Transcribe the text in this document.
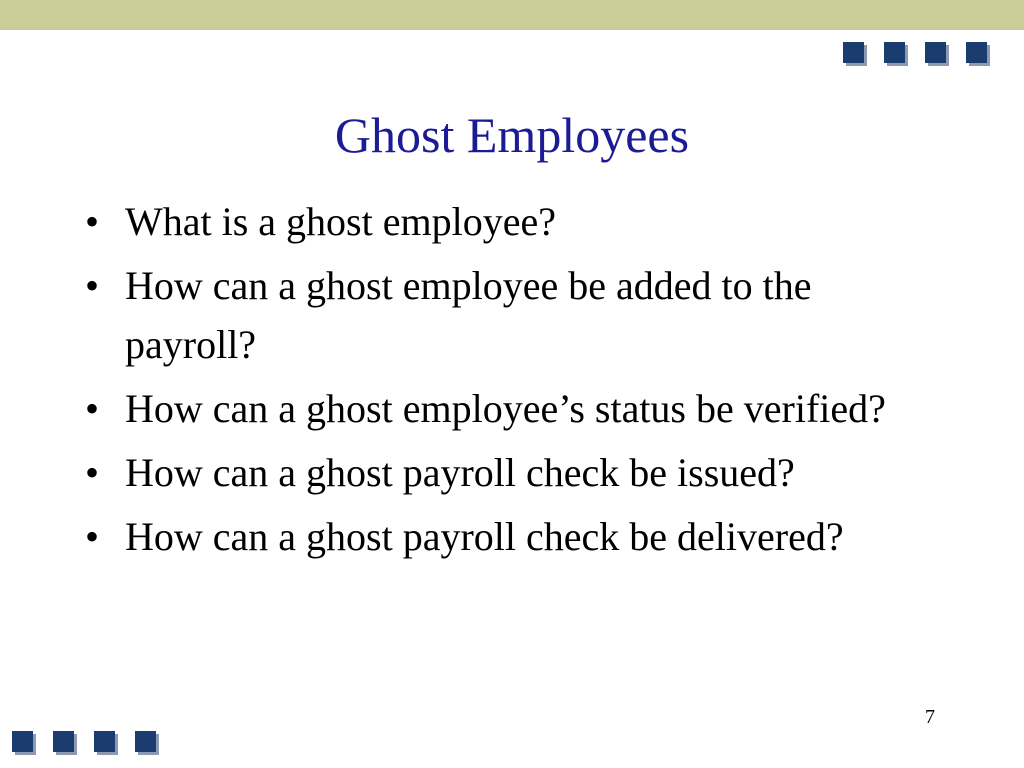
Ghost Employees
• What is a ghost employee?
• How can a ghost employee be added to the payroll?
• How can a ghost employee’s status be verified?
• How can a ghost payroll check be issued?
• How can a ghost payroll check be delivered?
7
